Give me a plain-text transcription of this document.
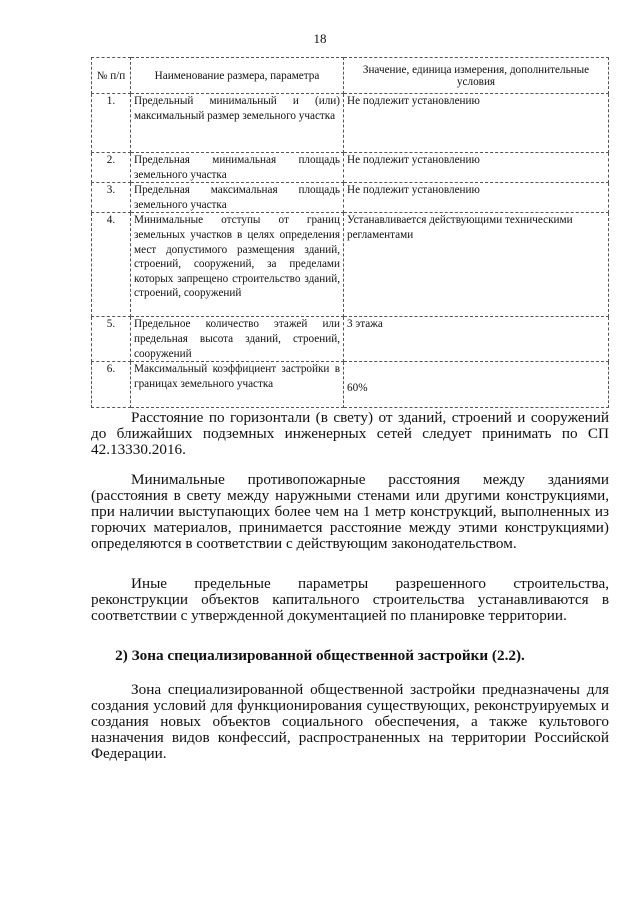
18
№ п/п	Наименование размера, параметра	Значение, единица измерения, дополнительные условия
1.	Предельный минимальный и (или) максимальный размер земельного участка	Не подлежит установлению
2.	Предельная минимальная площадь земельного участка	Не подлежит установлению
3.	Предельная максимальная площадь земельного участка	Не подлежит установлению
4.	Минимальные отступы от границ земельных участков в целях определения мест допустимого размещения зданий, строений, сооружений, за пределами которых запрещено строительство зданий, строений, сооружений	Устанавливается действующими техническими регламентами
5.	Предельное количество этажей или предельная высота зданий, строений, сооружений	3 этажа
6.	Максимальный коэффициент застройки в границах земельного участка	60%

Расстояние по горизонтали (в свету) от зданий, строений и сооружений до ближайших подземных инженерных сетей следует принимать по СП 42.13330.2016.

Минимальные противопожарные расстояния между зданиями (расстояния в свету между наружными стенами или другими конструкциями, при наличии выступающих более чем на 1 метр конструкций, выполненных из горючих материалов, принимается расстояние между этими конструкциями) определяются в соответствии с действующим законодательством.

Иные предельные параметры разрешенного строительства, реконструкции объектов капитального строительства устанавливаются в соответствии с утвержденной документацией по планировке территории.

2) Зона специализированной общественной застройки (2.2).

Зона специализированной общественной застройки предназначены для создания условий для функционирования существующих, реконструируемых и создания новых объектов социального обеспечения, а также культового назначения видов конфессий, распространенных на территории Российской Федерации.
